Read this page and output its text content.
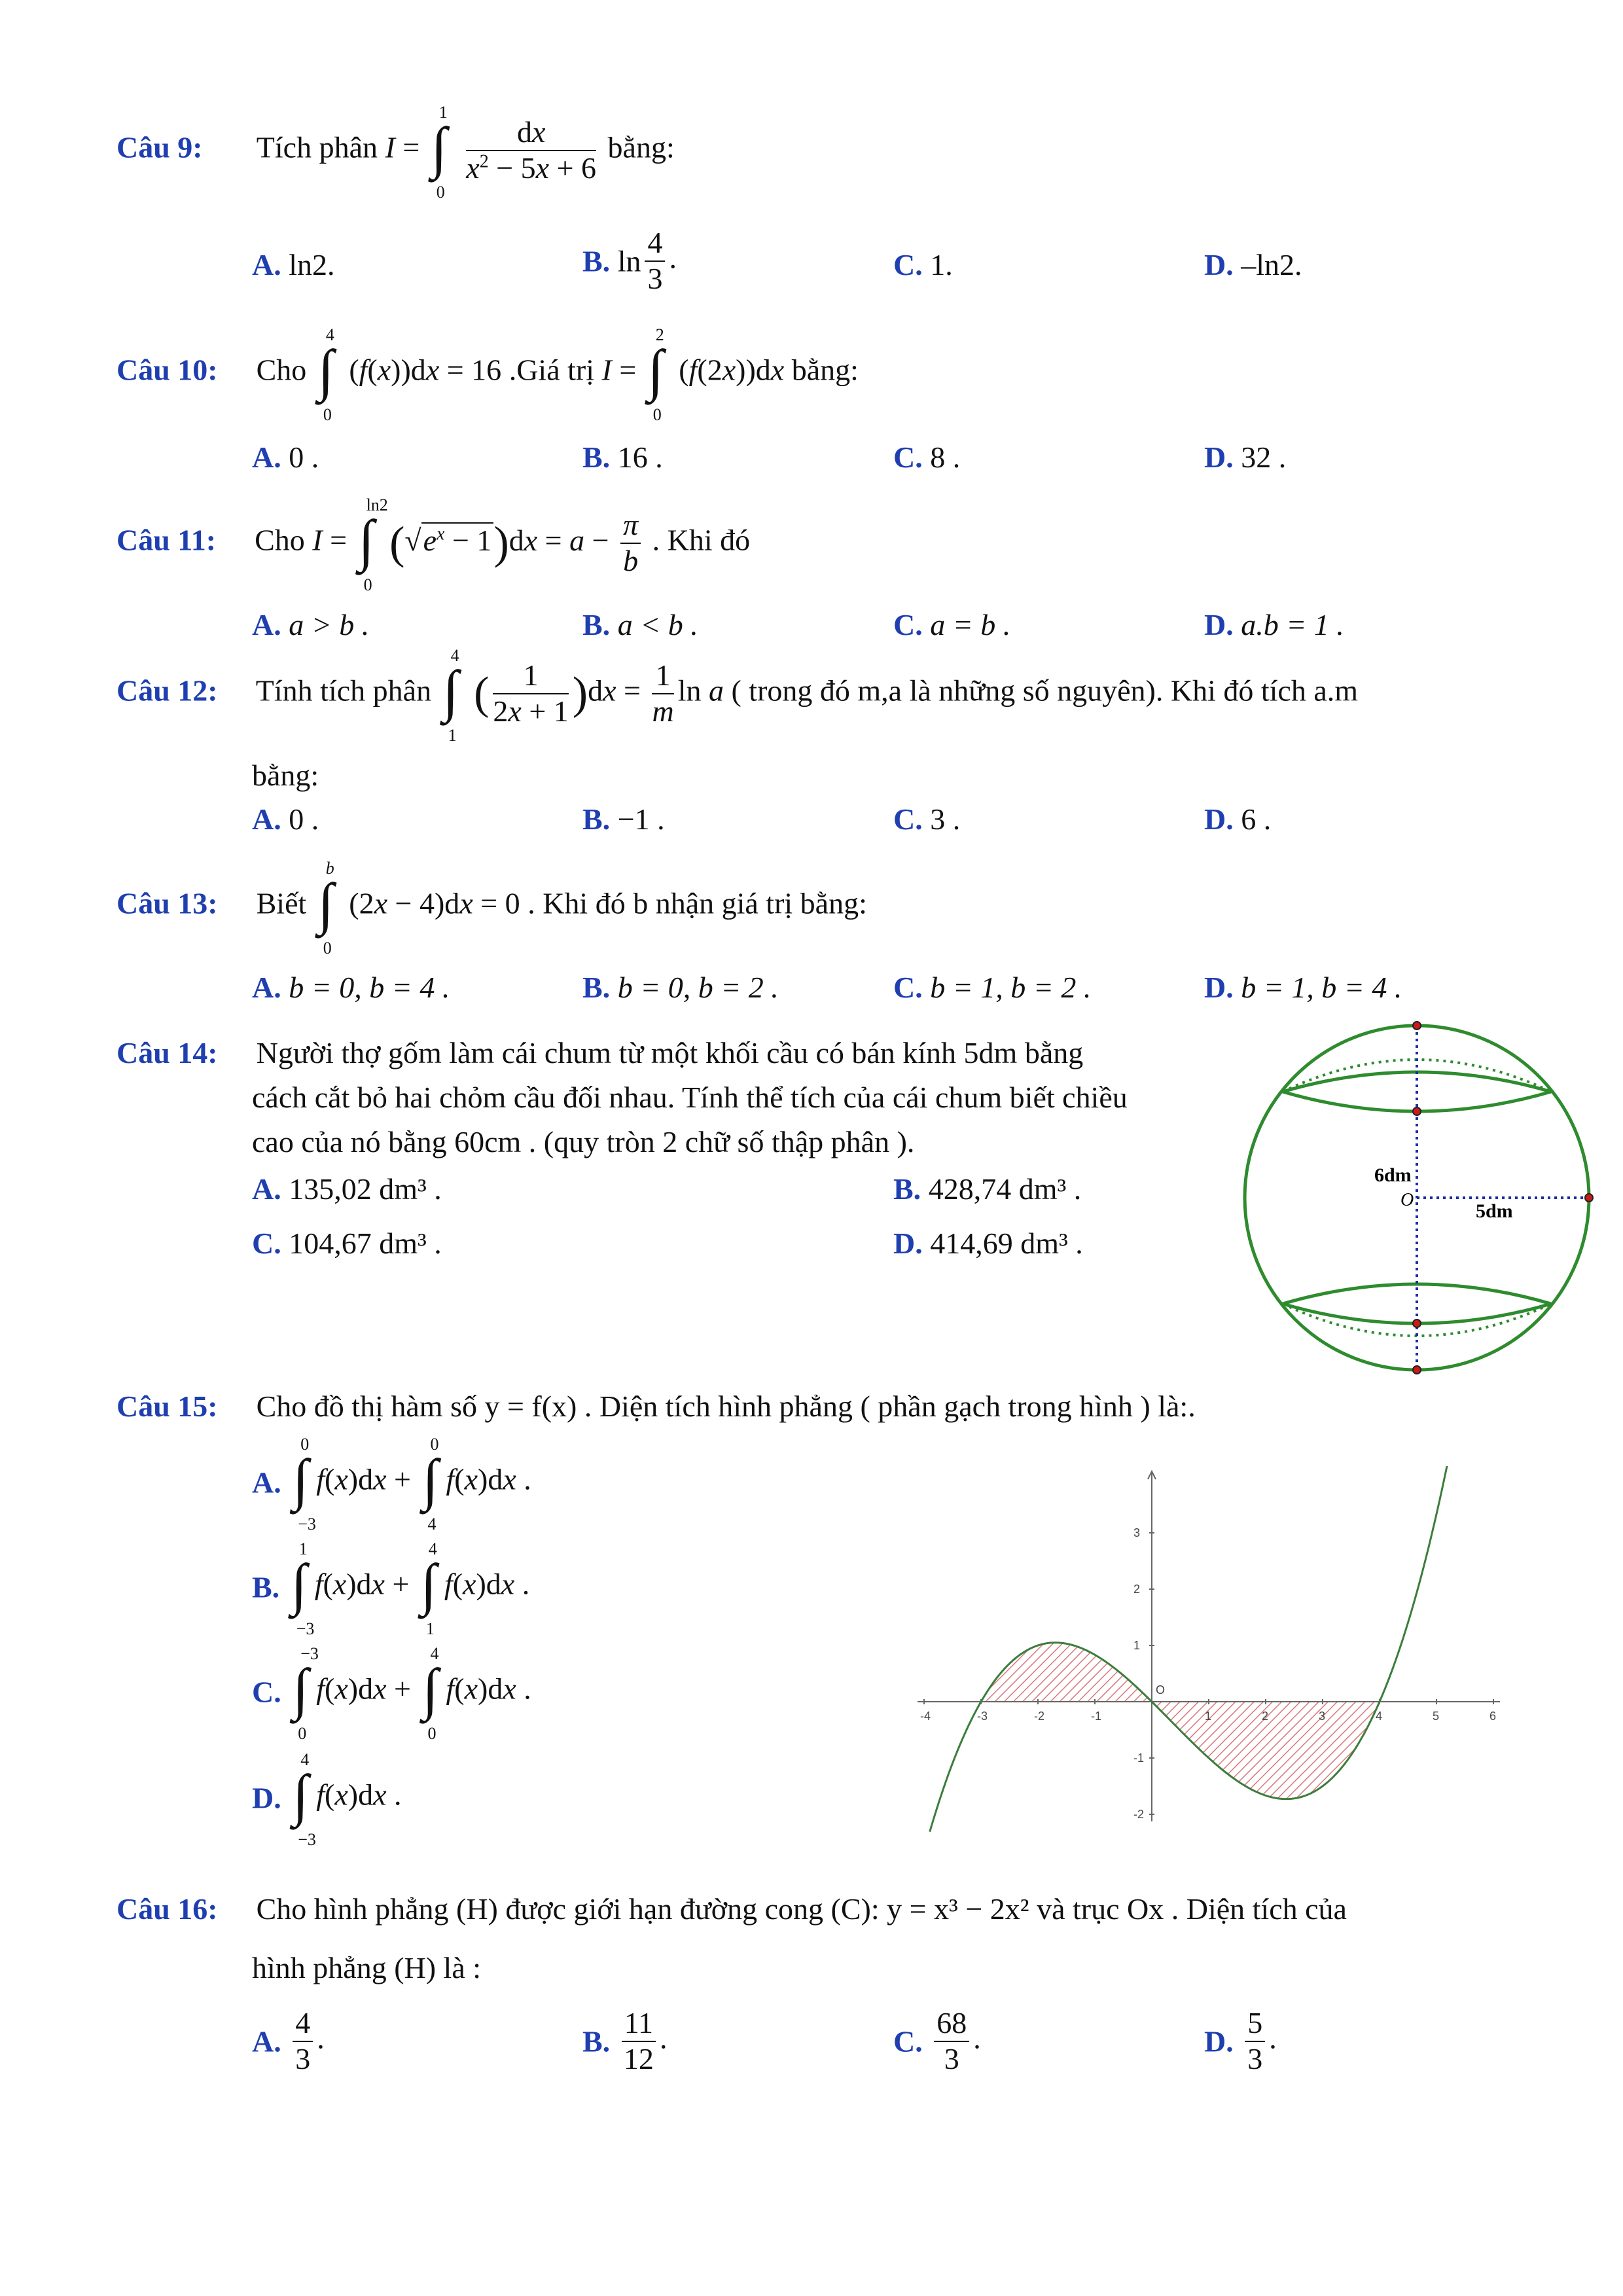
Câu 9: Tích phân I =
1
∫
0

$\frac{dx}{x^2 - 5x + 6}$ bằng:
A. ln2.	B. $\ln \frac{4}{3}$ .	C. 1.	D. –ln2.
Câu 10: Cho
4
∫
0
(f(x))dx = 16 .Giá trị I =
2
∫
0
(f(2x))dx bằng:
A. 0 .	B. 16 .	C. 8 .	D. 32 .
Câu 11: Cho I =
ln2
∫
0
$(√e^x - 1)dx = a - \frac{\pi}{b}$ . Khi đó
A. a > b .	B. a < b .	C. a = b .	D. a.b = 1 .
Câu 12: Tính tích phân
4
∫
1
( $\frac{1}{2x + 1} )dx = \frac{1}{m}$ ln a ( trong đó m,a là những số nguyên). Khi đó tích a.m
bằng:
A. 0 .	B. −1 .	C. 3 .	D. 6 .
Câu 13: Biết
b
∫
0
(2x − 4)dx = 0 . Khi đó b nhận giá trị bằng:
A. b = 0, b = 4 .	B. b = 0, b = 2 .	C. b = 1, b = 2 .	D. b = 1, b = 4 .
Câu 14: Người thợ gốm làm cái chum từ một khối cầu có bán kính 5dm bằng
cách cắt bỏ hai chỏm cầu đối nhau. Tính thể tích của cái chum biết chiều
cao của nó bằng 60cm . (quy tròn 2 chữ số thập phân ).
A. 135,02 dm³ .	B. 428,74 dm³ .
C. 104,67 dm³ .	D. 414,69 dm³ .
6dm
O
5dm
Câu 15: Cho đồ thị hàm số y = f(x) . Diện tích hình phẳng ( phần gạch trong hình ) là:.
A.
0
∫
−3
f(x)dx +
0
∫
4
f(x)dx .
B.
1
∫
−3
f(x)dx +
4
∫
1
f(x)dx .
C.
−3
∫
0
f(x)dx +
4
∫
0
f(x)dx .
D.
4
∫
−3
f(x)dx .
-4	-3	-2	-1
O
1	2	3	4	5	6
3
2
1
-1
-2
Câu 16: Cho hình phẳng (H) được giới hạn đường cong (C): y = x³ − 2x² và trục Ox . Diện tích của
hình phẳng (H) là :
A. $\frac{4}{3}$ .	B. $\frac{11}{12}$ .	C. $\frac{68}{3}$ .	D. $\frac{5}{3}$ .
